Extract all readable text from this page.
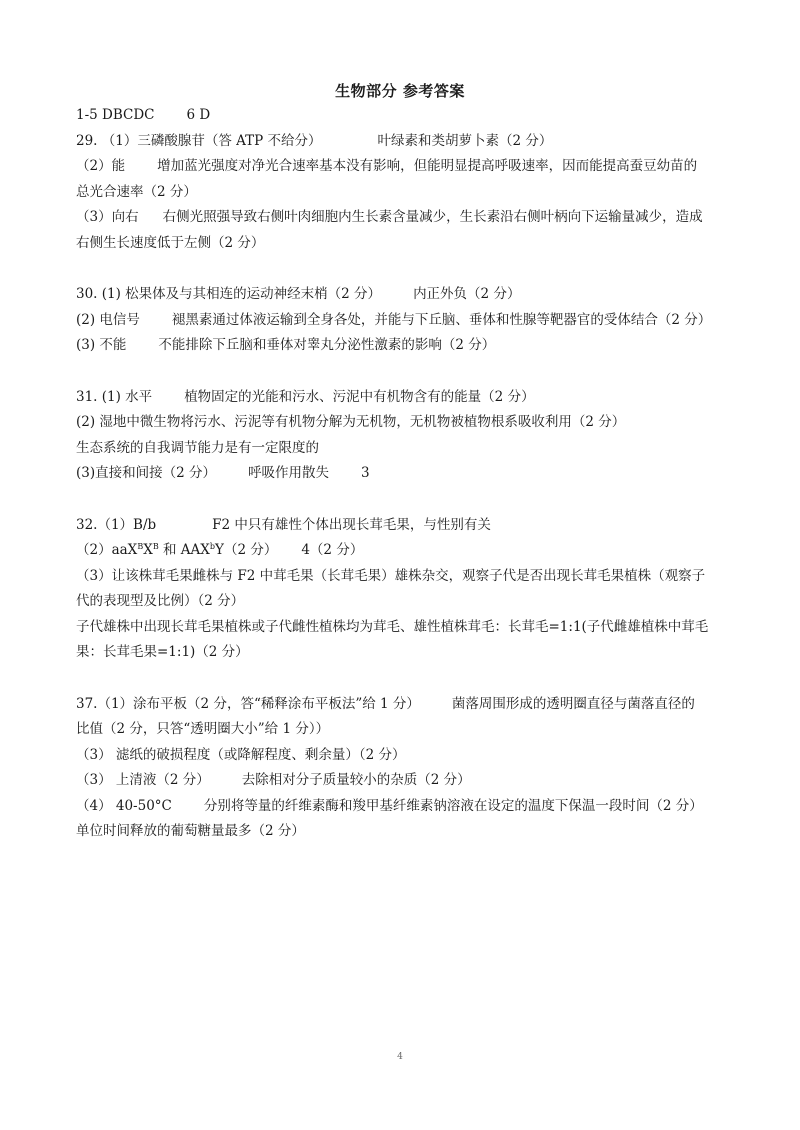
生物部分 参考答案
1-5 DBCDC 6 D
29. （1）三磷酸腺苷（答 ATP 不给分）	叶绿素和类胡萝卜素（2 分）
（2）能 增加蓝光强度对净光合速率基本没有影响，但能明显提高呼吸速率，因而能提高蚕豆幼苗的
总光合速率（2 分）
（3）向右 右侧光照强导致右侧叶肉细胞内生长素含量减少，生长素沿右侧叶柄向下运输量减少，造成
右侧生长速度低于左侧（2 分）
30. (1) 松果体及与其相连的运动神经末梢（2 分） 内正外负（2 分）
(2) 电信号 褪黑素通过体液运输到全身各处，并能与下丘脑、垂体和性腺等靶器官的受体结合（2 分）
(3) 不能 不能排除下丘脑和垂体对睾丸分泌性激素的影响（2 分）
31. (1) 水平 植物固定的光能和污水、污泥中有机物含有的能量（2 分）
(2) 湿地中微生物将污水、污泥等有机物分解为无机物，无机物被植物根系吸收利用（2 分）
生态系统的自我调节能力是有一定限度的
(3)直接和间接（2 分） 呼吸作用散失 3
32.（1）B/b	F2 中只有雄性个体出现长茸毛果，与性别有关
$(2)aaX^BX^B$ 和 AAX$^b$Y（2 分） 4（2 分）
（3）让该株茸毛果雌株与 F2 中茸毛果（长茸毛果）雄株杂交，观察子代是否出现长茸毛果植株（观察子
代的表现型及比例）（2 分）
子代雄株中出现长茸毛果植株或子代雌性植株均为茸毛、雄性植株茸毛：长茸毛=1:1(子代雌雄植株中茸毛
果：长茸毛果=1:1)（2 分）
37.（1）涂布平板（2 分，答“稀释涂布平板法”给 1 分） 菌落周围形成的透明圈直径与菌落直径的
比值（2 分，只答“透明圈大小”给 1 分））
（3） 滤纸的破损程度（或降解程度、剩余量）（2 分）
（3） 上清液（2 分） 去除相对分子质量较小的杂质（2 分）
（4） 40-50°C 分别将等量的纤维素酶和羧甲基纤维素钠溶液在设定的温度下保温一段时间（2 分）
单位时间释放的葡萄糖量最多（2 分）
4
